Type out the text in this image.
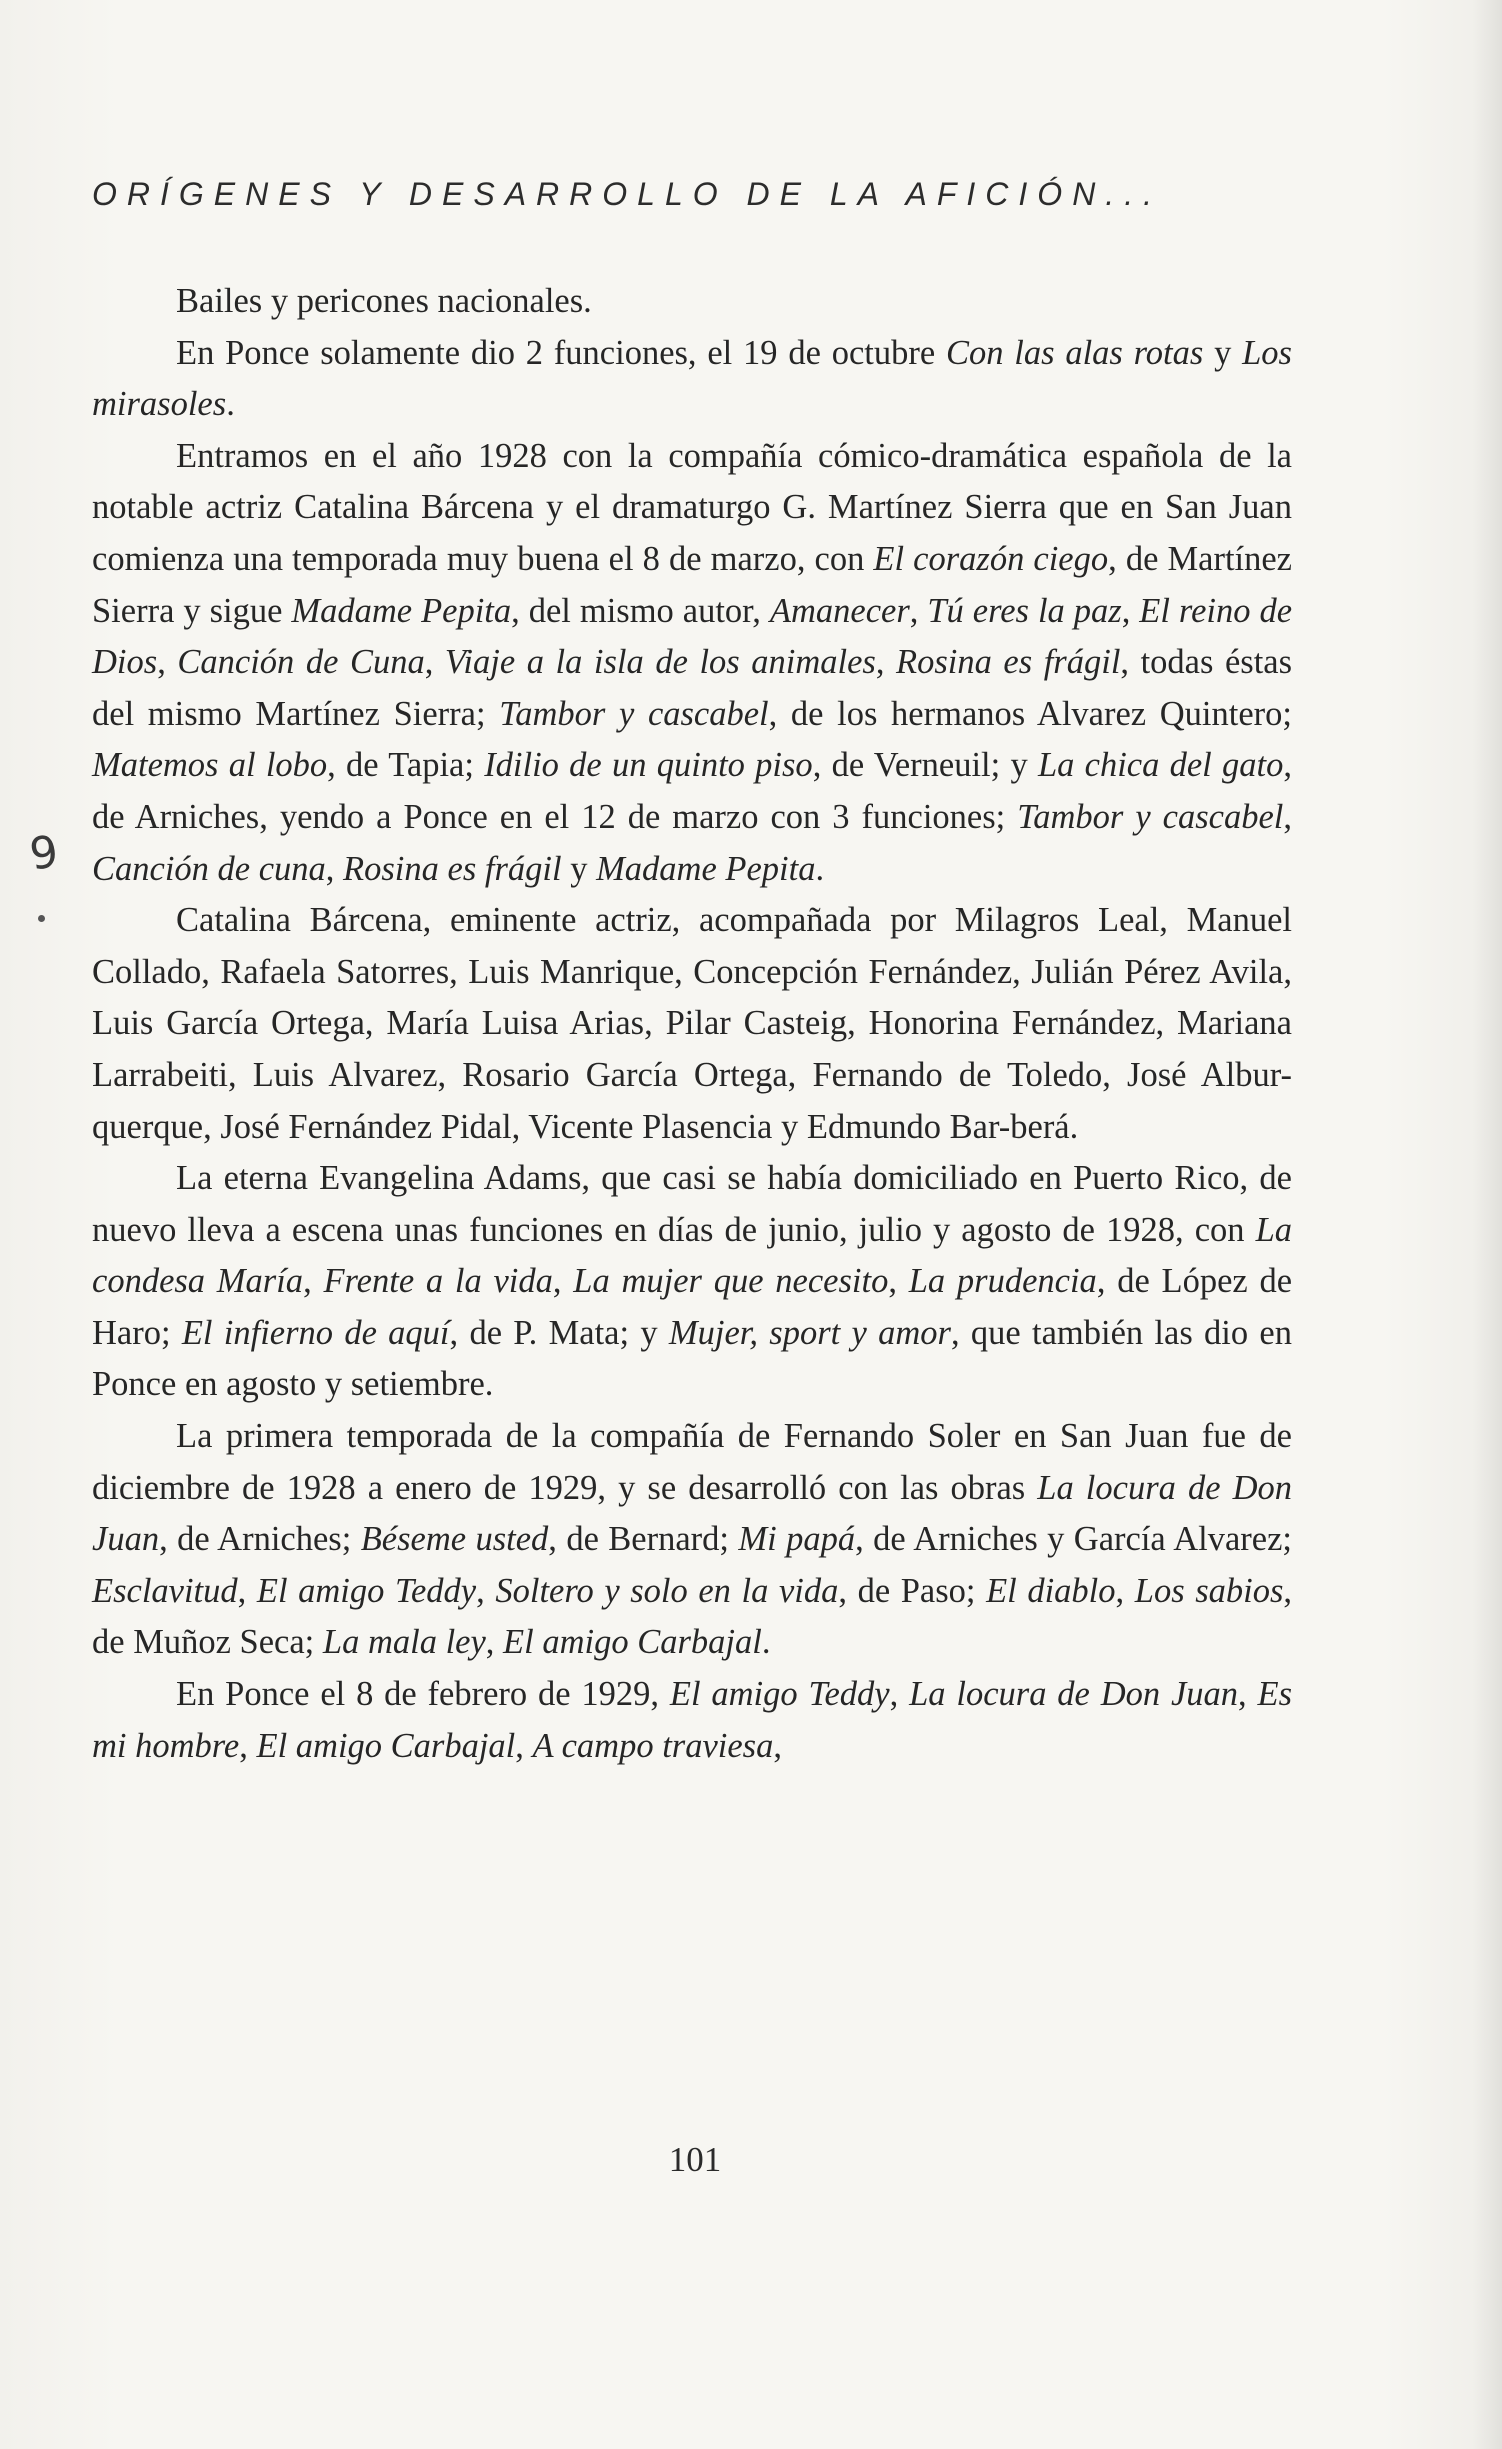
ORÍGENES Y DESARROLLO DE LA AFICIÓN...
9

Bailes y pericones nacionales.

En Ponce solamente dio 2 funciones, el 19 de octubre Con las alas rotas y Los mirasoles.

Entramos en el año 1928 con la compañía cómico-dramática española de la notable actriz Catalina Bárcena y el dramaturgo G. Martínez Sierra que en San Juan comienza una temporada muy buena el 8 de marzo, con El corazón ciego, de Martínez Sierra y sigue Madame Pepita, del mismo autor, Amanecer, Tú eres la paz, El reino de Dios, Canción de Cuna, Viaje a la isla de los animales, Rosina es frágil, todas éstas del mismo Martínez Sierra; Tambor y cascabel, de los hermanos Alvarez Quintero; Matemos al lobo, de Tapia; Idilio de un quinto piso, de Verneuil; y La chica del gato, de Arniches, yendo a Ponce en el 12 de marzo con 3 funciones; Tambor y cascabel, Canción de cuna, Rosina es frágil y Madame Pepita.

Catalina Bárcena, eminente actriz, acompañada por Milagros Leal, Manuel Collado, Rafaela Satorres, Luis Manrique, Concepción Fernández, Julián Pérez Avila, Luis García Ortega, María Luisa Arias, Pilar Casteig, Honorina Fernández, Mariana Larrabeiti, Luis Alvarez, Rosario García Ortega, Fernando de Toledo, José Albur-querque, José Fernández Pidal, Vicente Plasencia y Edmundo Bar-berá.

La eterna Evangelina Adams, que casi se había domiciliado en Puerto Rico, de nuevo lleva a escena unas funciones en días de junio, julio y agosto de 1928, con La condesa María, Frente a la vida, La mujer que necesito, La prudencia, de López de Haro; El infierno de aquí, de P. Mata; y Mujer, sport y amor, que también las dio en Ponce en agosto y setiembre.

La primera temporada de la compañía de Fernando Soler en San Juan fue de diciembre de 1928 a enero de 1929, y se desarrolló con las obras La locura de Don Juan, de Arniches; Béseme usted, de Bernard; Mi papá, de Arniches y García Alvarez; Esclavitud, El amigo Teddy, Soltero y solo en la vida, de Paso; El diablo, Los sabios, de Muñoz Seca; La mala ley, El amigo Carbajal.

En Ponce el 8 de febrero de 1929, El amigo Teddy, La locura de Don Juan, Es mi hombre, El amigo Carbajal, A campo traviesa,

101
